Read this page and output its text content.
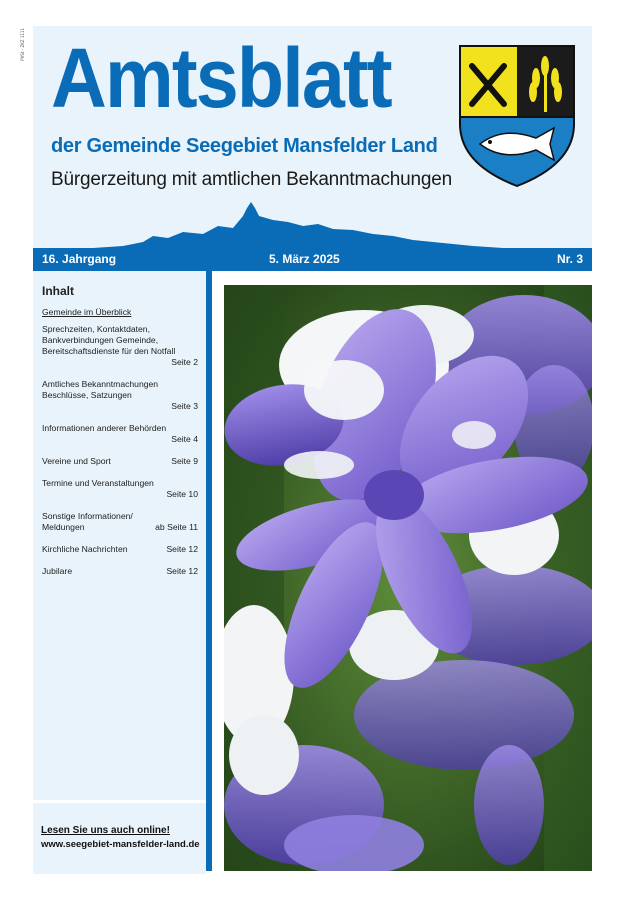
PVSt - ZKZ 1111 Amtsblatt
der Gemeinde Seegebiet Mansfelder Land
Bürgerzeitung mit amtlichen Bekanntmachungen
16. Jahrgang	5. März 2025	Nr. 3
Inhalt
Gemeinde im Überblick
Sprechzeiten, Kontaktdaten, Bankverbindungen Gemeinde, Bereitschaftsdienste für den Notfall
Seite 2
Amtliches Bekanntmachungen Beschlüsse, Satzungen
Seite 3
Informationen anderer Behörden
Seite 4
Vereine und Sport	Seite 9
Termine und Veranstaltungen
Seite 10
Sonstige Informationen/ Meldungen	ab Seite 11
Kirchliche Nachrichten	Seite 12
Jubilare	Seite 12
Lesen Sie uns auch online!
www.seegebiet-mansfelder-land.de
